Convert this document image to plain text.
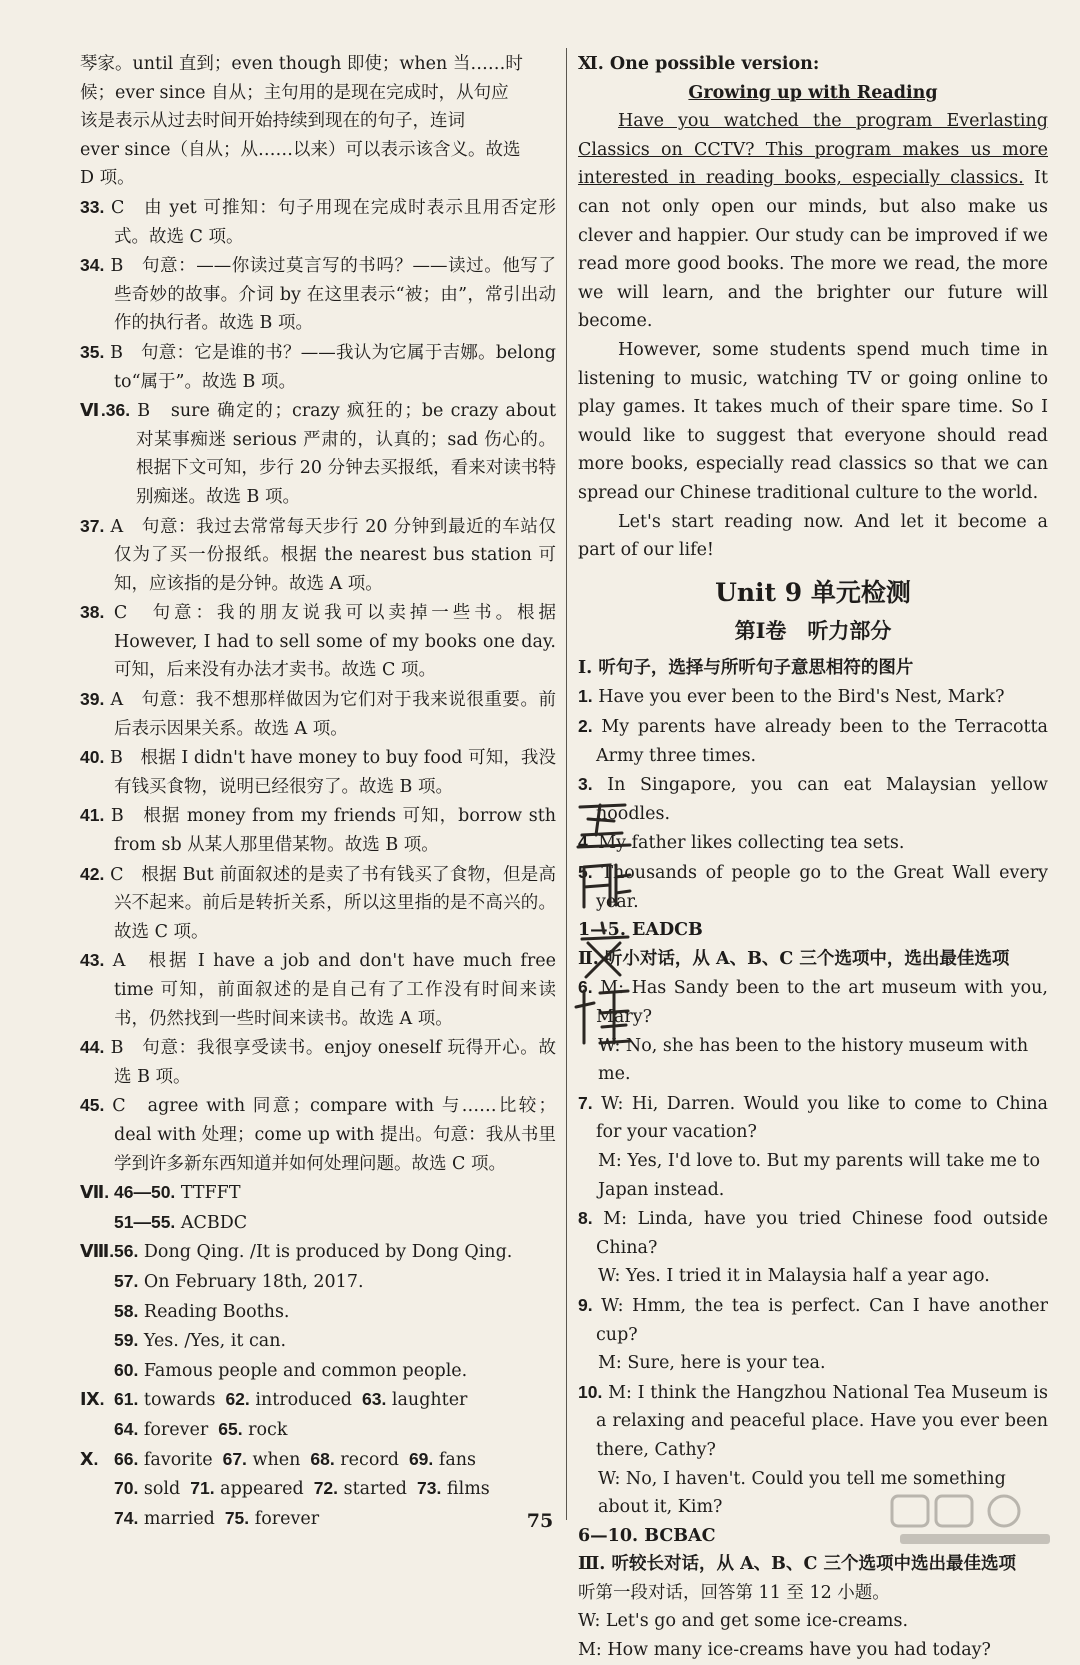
琴家。until 直到；even though 即使；when 当……时

候；ever since 自从；主句用的是现在完成时，从句应

该是表示从过去时间开始持续到现在的句子，连词

ever since（自从；从……以来）可以表示该含义。故选

D 项。

33. C　由 yet 可推知：句子用现在完成时表示且用否定形式。故选 C 项。

34. B　句意：——你读过莫言写的书吗？——读过。他写了些奇妙的故事。介词 by 在这里表示“被；由”，常引出动作的执行者。故选 B 项。

35. B　句意：它是谁的书？——我认为它属于吉娜。belong to“属于”。故选 B 项。

Ⅵ.36. B　sure 确定的；crazy 疯狂的；be crazy about 对某事痴迷 serious 严肃的，认真的；sad 伤心的。根据下文可知，步行 20 分钟去买报纸，看来对读书特别痴迷。故选 B 项。

37. A　句意：我过去常常每天步行 20 分钟到最近的车站仅仅为了买一份报纸。根据 the nearest bus station 可知，应该指的是分钟。故选 A 项。

38. C　句意：我的朋友说我可以卖掉一些书。根据 However, I had to sell some of my books one day. 可知，后来没有办法才卖书。故选 C 项。

39. A　句意：我不想那样做因为它们对于我来说很重要。前后表示因果关系。故选 A 项。

40. B　根据 I didn't have money to buy food 可知，我没有钱买食物，说明已经很穷了。故选 B 项。

41. B　根据 money from my friends 可知，borrow sth from sb 从某人那里借某物。故选 B 项。

42. C　根据 But 前面叙述的是卖了书有钱买了食物，但是高兴不起来。前后是转折关系，所以这里指的是不高兴的。故选 C 项。

43. A　根据 I have a job and don't have much free time 可知，前面叙述的是自己有了工作没有时间来读书，仍然找到一些时间来读书。故选 A 项。

44. B　句意：我很享受读书。enjoy oneself 玩得开心。故选 B 项。

45. C　agree with 同意；compare with 与……比较；deal with 处理；come up with 提出。句意：我从书里学到许多新东西知道并如何处理问题。故选 C 项。

Ⅶ. 46—50. TTFFT

51—55. ACBDC

Ⅷ.56. Dong Qing. /It is produced by Dong Qing.

57. On February 18th, 2017.

58. Reading Booths.

59. Yes. /Yes, it can.

60. Famous people and common people.

Ⅸ. 61. towards 62. introduced 63. laughter

64. forever 65. rock

Ⅹ. 66. favorite 67. when 68. record 69. fans

70. sold 71. appeared 72. started 73. films

74. married 75. forever

Ⅺ. One possible version:

Growing up with Reading

Have you watched the program Everlasting Classics on CCTV? This program makes us more interested in reading books, especially classics. It can not only open our minds, but also make us clever and happier. Our study can be improved if we read more good books. The more we read, the more we will learn, and the brighter our future will become.

However, some students spend much time in listening to music, watching TV or going online to play games. It takes much of their spare time. So I would like to suggest that everyone should read more books, especially read classics so that we can spread our Chinese traditional culture to the world.

Let's start reading now. And let it become a part of our life!

Unit 9 单元检测
第Ⅰ卷　听力部分

Ⅰ. 听句子，选择与所听句子意思相符的图片

1. Have you ever been to the Bird's Nest, Mark?

2. My parents have already been to the Terracotta Army three times.

3. In Singapore, you can eat Malaysian yellow noodles.

4. My father likes collecting tea sets.

5. Thousands of people go to the Great Wall every year.

1—5. EADCB

Ⅱ. 听小对话，从 A、B、C 三个选项中，选出最佳选项

6. M: Has Sandy been to the art museum with you, Mary?

W: No, she has been to the history museum with me.

7. W: Hi, Darren. Would you like to come to China for your vacation?

M: Yes, I'd love to. But my parents will take me to Japan instead.

8. M: Linda, have you tried Chinese food outside China?

W: Yes. I tried it in Malaysia half a year ago.

9. W: Hmm, the tea is perfect. Can I have another cup?

M: Sure, here is your tea.

10. M: I think the Hangzhou National Tea Museum is a relaxing and peaceful place. Have you ever been there, Cathy?

W: No, I haven't. Could you tell me something about it, Kim?

6—10. BCBAC

Ⅲ. 听较长对话，从 A、B、C 三个选项中选出最佳选项

听第一段对话，回答第 11 至 12 小题。

W: Let's go and get some ice-creams.

M: How many ice-creams have you had today?

75
